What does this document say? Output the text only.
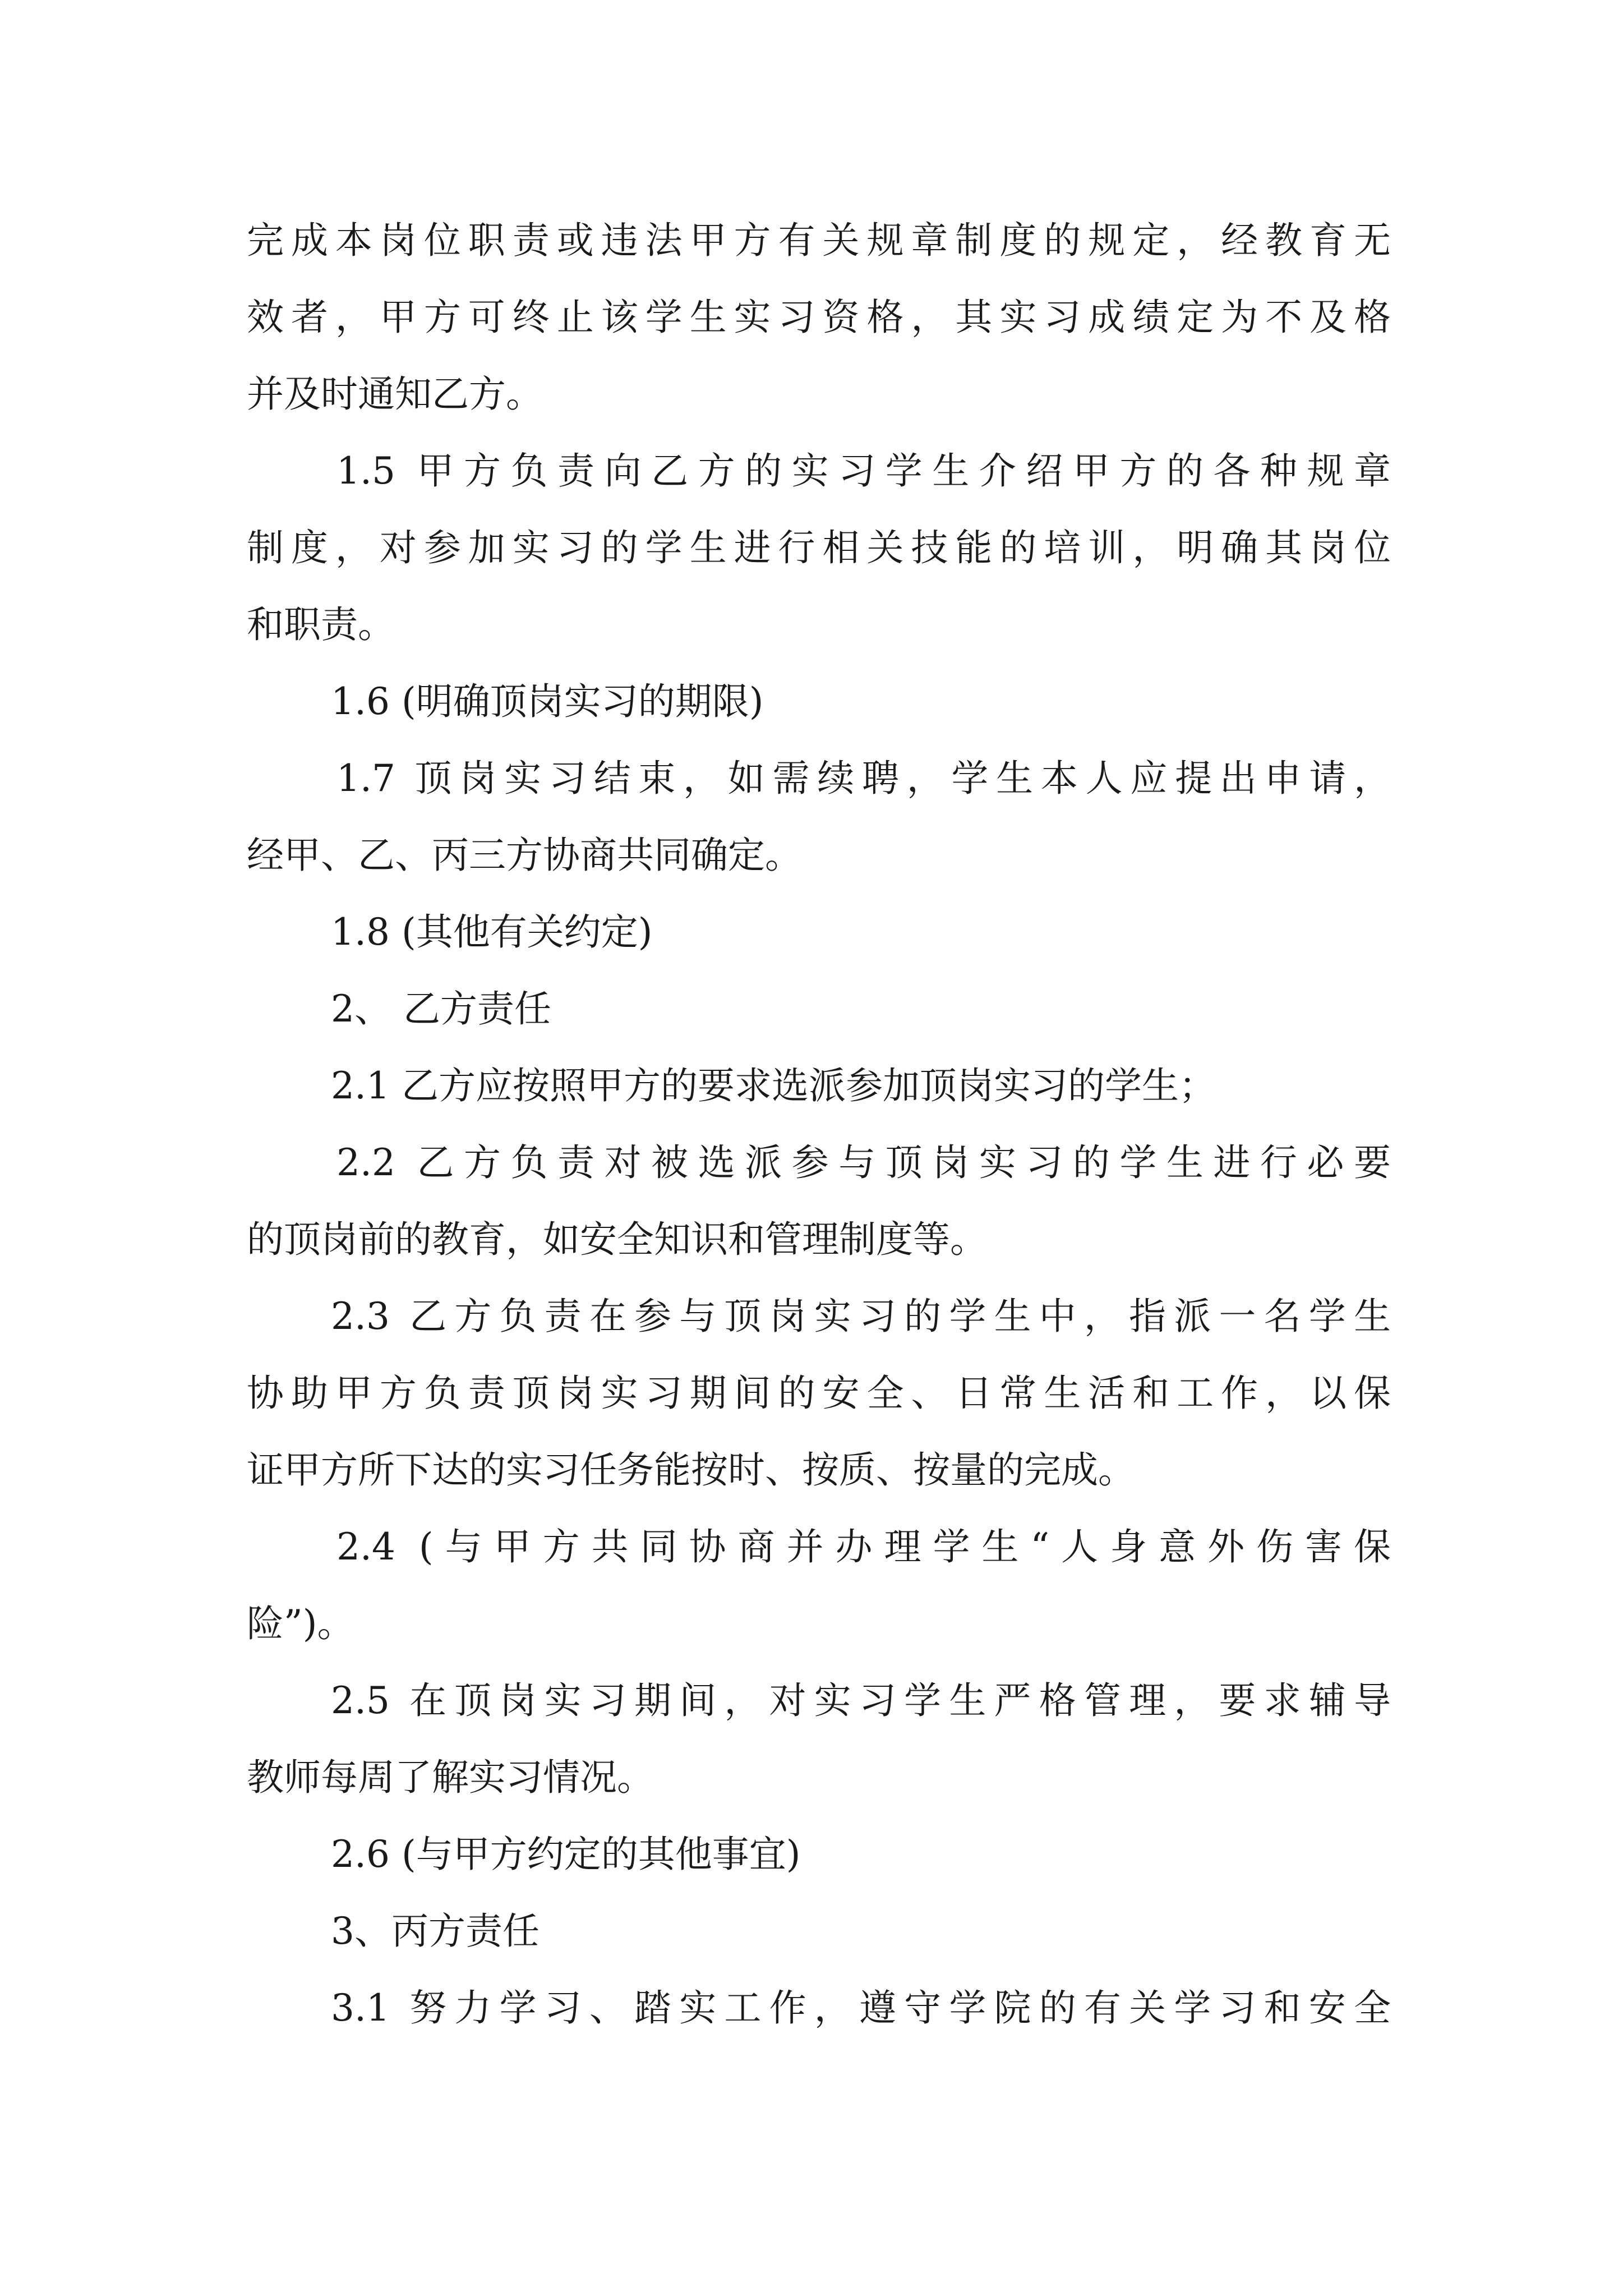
完成本岗位职责或违法甲方有关规章制度的规定，经教育无
效者，甲方可终止该学生实习资格，其实习成绩定为不及格
并及时通知乙方。
1.5 甲方负责向乙方的实习学生介绍甲方的各种规章
制度，对参加实习的学生进行相关技能的培训，明确其岗位
和职责。
1.6 (明确顶岗实习的期限)
1.7 顶岗实习结束，如需续聘，学生本人应提出申请，
经甲、乙、丙三方协商共同确定。
1.8 (其他有关约定)
2、 乙方责任
2.1 乙方应按照甲方的要求选派参加顶岗实习的学生；
2.2 乙方负责对被选派参与顶岗实习的学生进行必要
的顶岗前的教育，如安全知识和管理制度等。
2.3 乙方负责在参与顶岗实习的学生中，指派一名学生
协助甲方负责顶岗实习期间的安全、日常生活和工作，以保
证甲方所下达的实习任务能按时、按质、按量的完成。
2.4 (与甲方共同协商并办理学生“人身意外伤害保
险”)。
2.5 在顶岗实习期间，对实习学生严格管理，要求辅导
教师每周了解实习情况。
2.6 (与甲方约定的其他事宜)
3、丙方责任
3.1 努力学习、踏实工作，遵守学院的有关学习和安全
